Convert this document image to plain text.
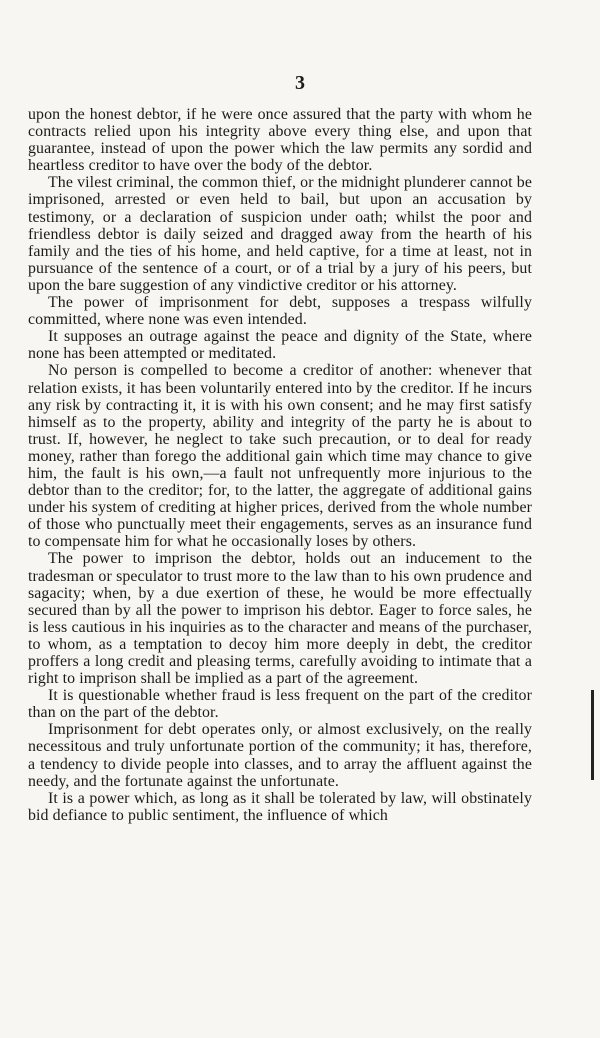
3

upon the honest debtor, if he were once assured that the party with whom he contracts relied upon his integrity above every thing else, and upon that guarantee, instead of upon the power which the law permits any sordid and heartless creditor to have over the body of the debtor.

The vilest criminal, the common thief, or the midnight plunderer cannot be imprisoned, arrested or even held to bail, but upon an accusation by testimony, or a declaration of suspicion under oath; whilst the poor and friendless debtor is daily seized and dragged away from the hearth of his family and the ties of his home, and held captive, for a time at least, not in pursuance of the sentence of a court, or of a trial by a jury of his peers, but upon the bare suggestion of any vindictive creditor or his attorney.

The power of imprisonment for debt, supposes a trespass wilfully committed, where none was even intended.

It supposes an outrage against the peace and dignity of the State, where none has been attempted or meditated.

No person is compelled to become a creditor of another: whenever that relation exists, it has been voluntarily entered into by the creditor. If he incurs any risk by contracting it, it is with his own consent; and he may first satisfy himself as to the property, ability and integrity of the party he is about to trust. If, however, he neglect to take such precaution, or to deal for ready money, rather than forego the additional gain which time may chance to give him, the fault is his own,—a fault not unfrequently more injurious to the debtor than to the creditor; for, to the latter, the aggregate of additional gains under his system of crediting at higher prices, derived from the whole number of those who punctually meet their engagements, serves as an insurance fund to compensate him for what he occasionally loses by others.

The power to imprison the debtor, holds out an inducement to the tradesman or speculator to trust more to the law than to his own prudence and sagacity; when, by a due exertion of these, he would be more effectually secured than by all the power to imprison his debtor. Eager to force sales, he is less cautious in his inquiries as to the character and means of the purchaser, to whom, as a temptation to decoy him more deeply in debt, the creditor proffers a long credit and pleasing terms, carefully avoiding to intimate that a right to imprison shall be implied as a part of the agreement.

It is questionable whether fraud is less frequent on the part of the creditor than on the part of the debtor.

Imprisonment for debt operates only, or almost exclusively, on the really necessitous and truly unfortunate portion of the community; it has, therefore, a tendency to divide people into classes, and to array the affluent against the needy, and the fortunate against the unfortunate.

It is a power which, as long as it shall be tolerated by law, will obstinately bid defiance to public sentiment, the influence of which
